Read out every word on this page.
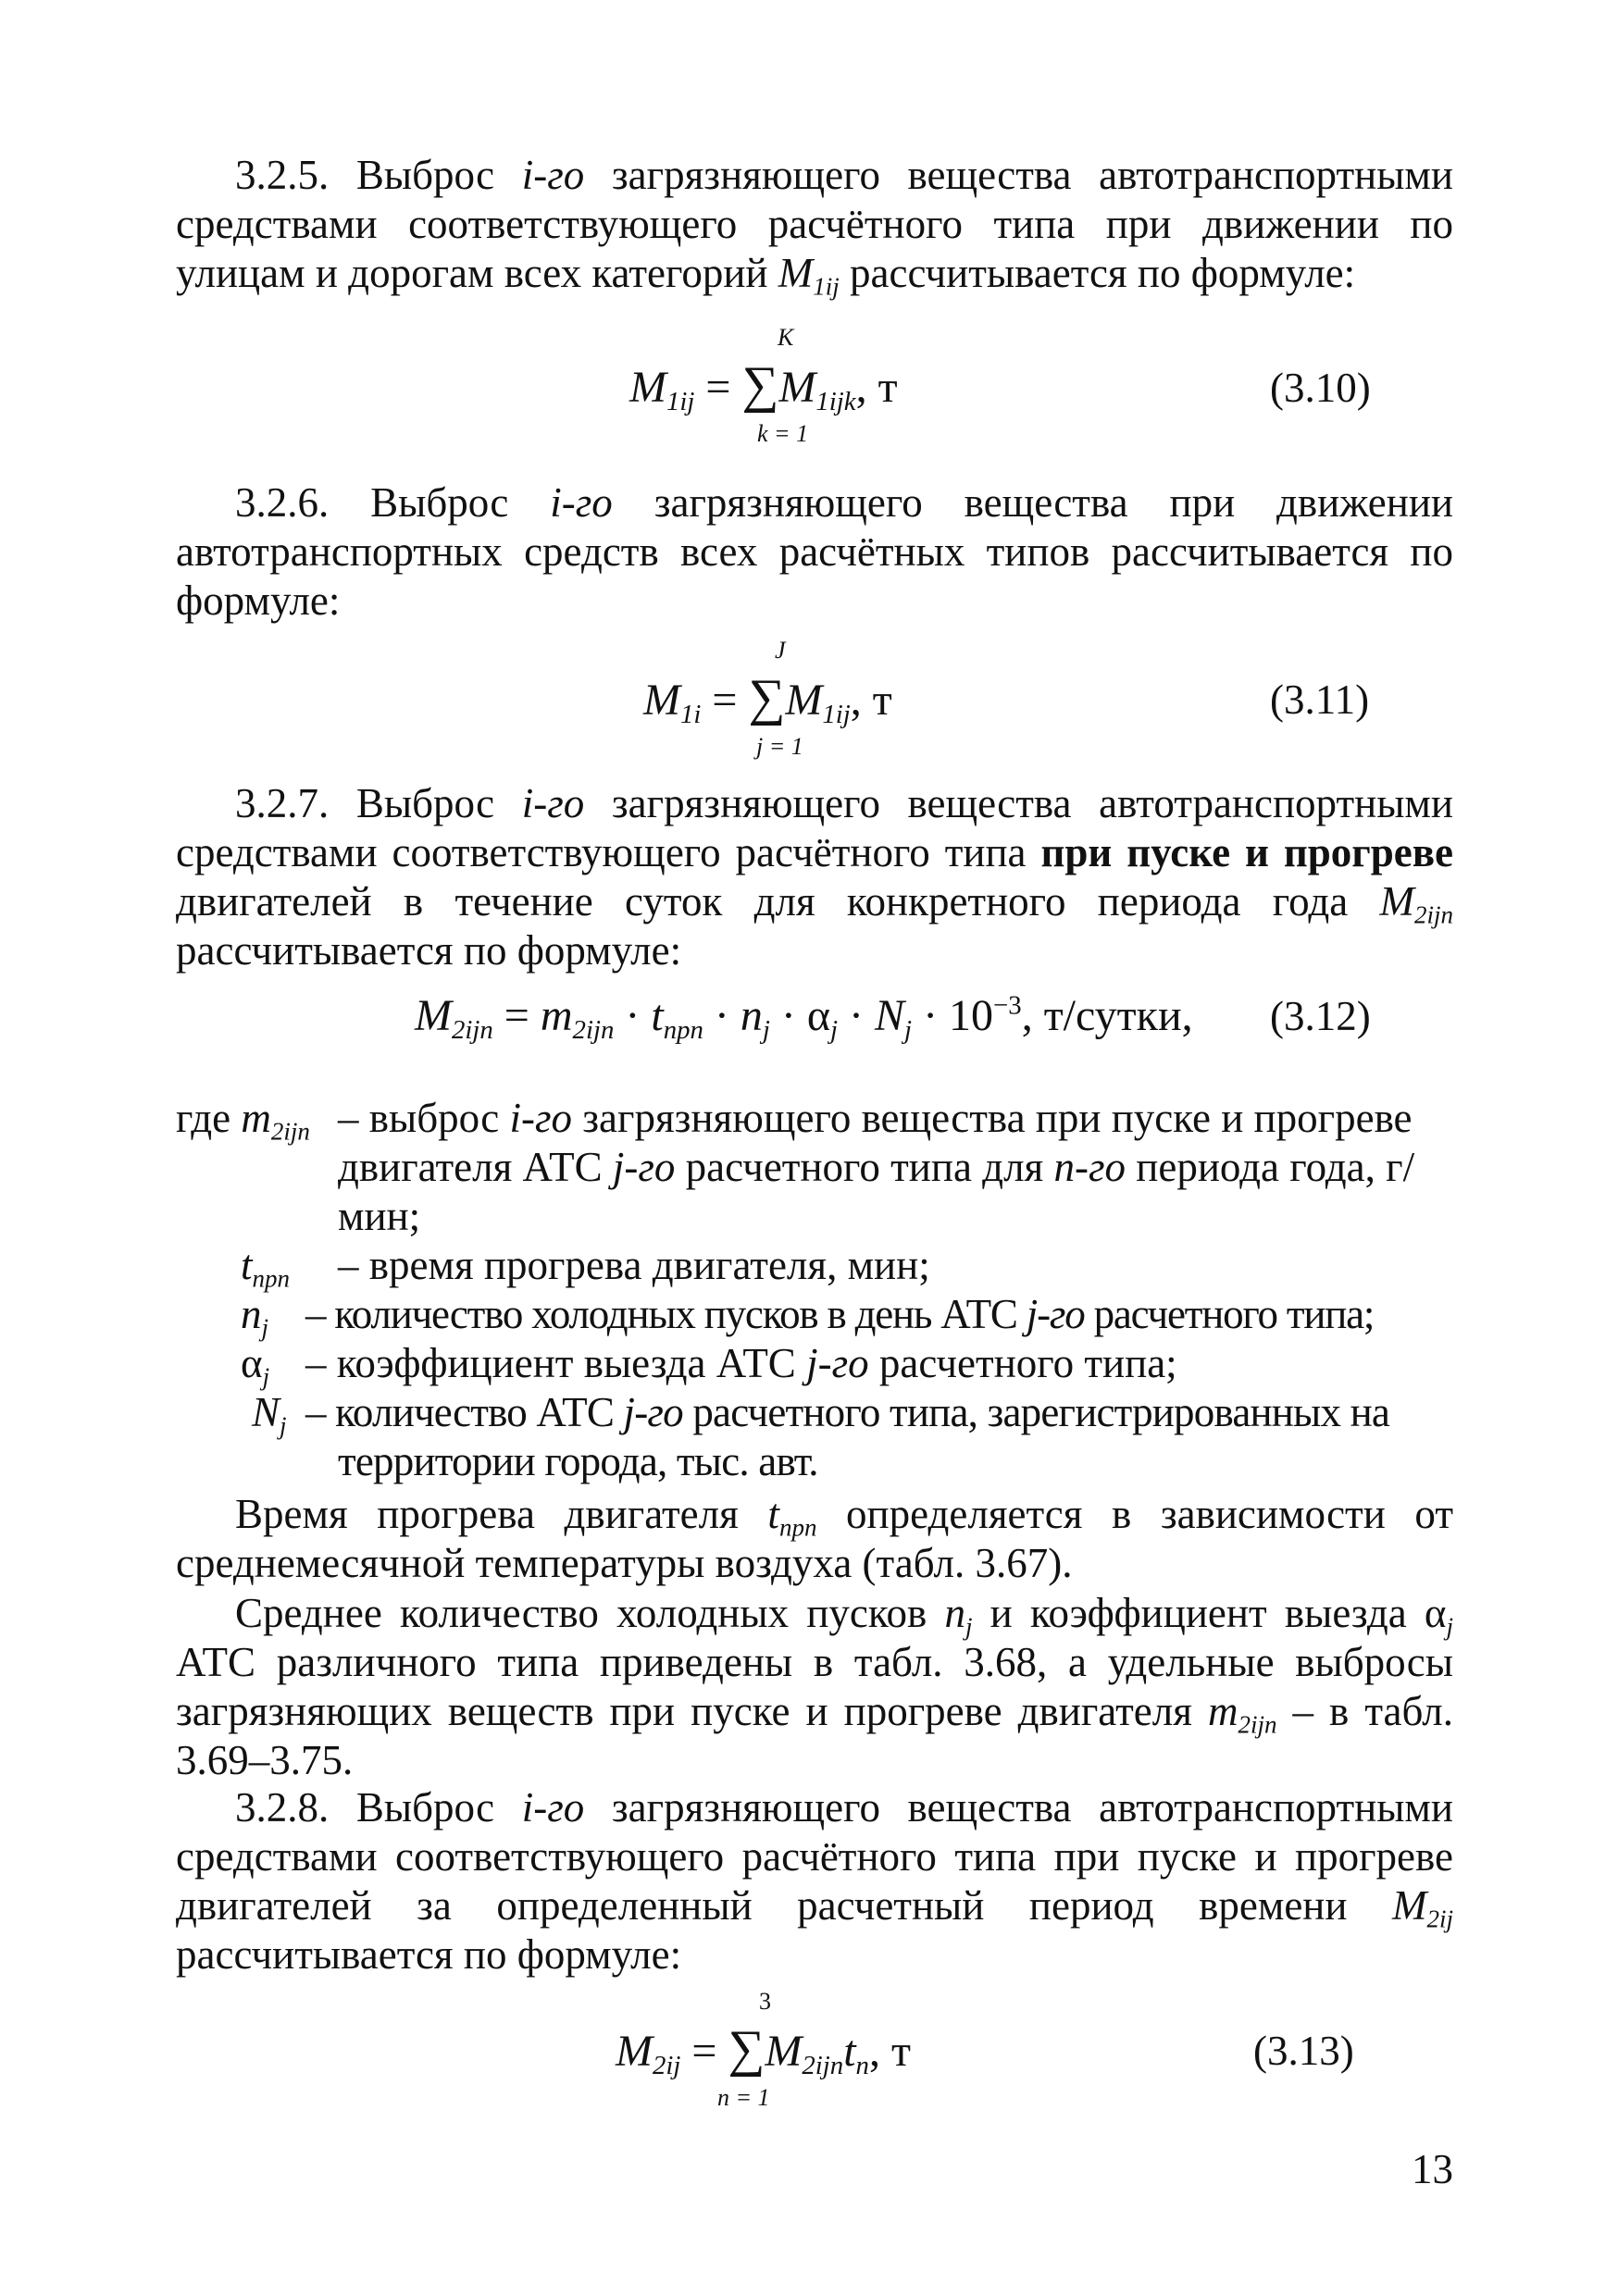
3.2.5. Выброс i-го загрязняющего вещества автотранспортными средствами соответствующего расчётного типа при движении по улицам и дорогам всех категорий $M_{1ij}$ рассчитывается по формуле:
K
$M_{1ij} = \sum M_{1ijk}$, т
k = 1
(3.10)
3.2.6. Выброс i-го загрязняющего вещества при движении автотранспортных средств всех расчётных типов рассчитывается по формуле:
J
$M_{1i} = \sum M_{1ij}$, т
j = 1
(3.11)
3.2.7. Выброс i-го загрязняющего вещества автотранспортными средствами соответствующего расчётного типа при пуске и прогреве двигателей в течение суток для конкретного периода года $M_{2ijn}$ рассчитывается по формуле:
$M_{2ijn} = m_{2ijn} \cdot t_{npn} \cdot n_j \cdot \alpha_j \cdot N_j \cdot 10^{-3}$, т/сутки, (3.12)
где $m_{2ijn}$ – выброс i-го загрязняющего вещества при пуске и прогреве двигателя АТС j-го расчетного типа для n-го периода года, г/мин;
$t_{npn}$ – время прогрева двигателя, мин;
$n_j$ – количество холодных пусков в день АТС j-го расчетного типа;
$\alpha_j$ – коэффициент выезда АТС j-го расчетного типа;
$N_j$ – количество АТС j-го расчетного типа, зарегистрированных на территории города, тыс. авт.
Время прогрева двигателя $t_{npn}$ определяется в зависимости от среднемесячной температуры воздуха (табл. 3.67).
Среднее количество холодных пусков $n_j$ и коэффициент выезда $\alpha_j$ АТС различного типа приведены в табл. 3.68, а удельные выбросы загрязняющих веществ при пуске и прогреве двигателя $m_{2ijn}$ – в табл. 3.69–3.75.
3.2.8. Выброс i-го загрязняющего вещества автотранспортными средствами соответствующего расчётного типа при пуске и прогреве двигателей за определенный расчетный период времени $M_{2ij}$ рассчитывается по формуле:
3
$M_{2ij} = \sum M_{2ijn}t_n$, т
n = 1
(3.13)
13
